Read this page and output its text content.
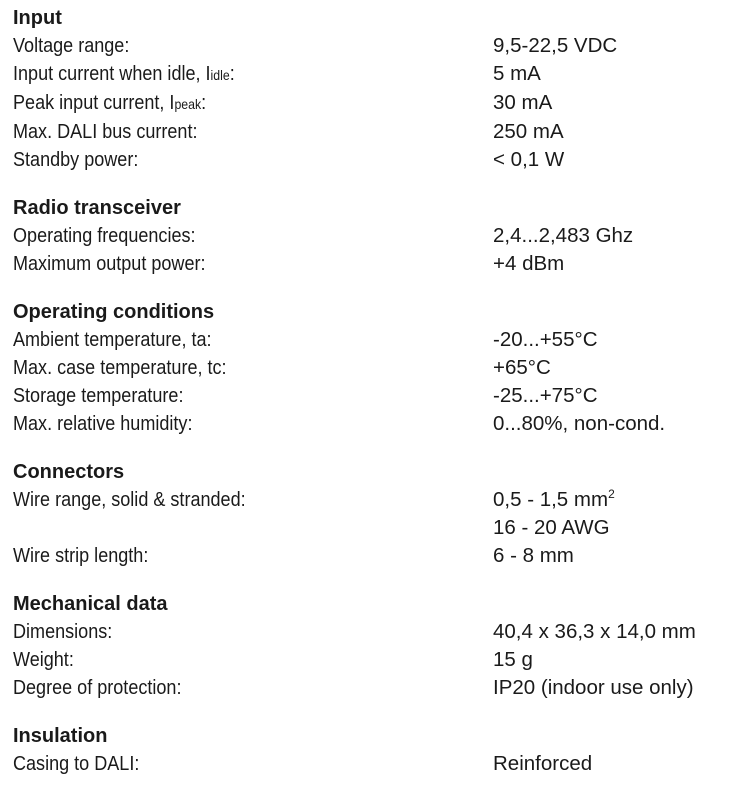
Input
Voltage range:	9,5-22,5 VDC
Input current when idle, Iidle:	5 mA
Peak input current, Ipeak:	30 mA
Max. DALI bus current:	250 mA
Standby power:	< 0,1 W
Radio transceiver
Operating frequencies:	2,4...2,483 Ghz
Maximum output power:	+4 dBm
Operating conditions
Ambient temperature, ta:	-20...+55°C
Max. case temperature, tc:	+65°C
Storage temperature:	-25...+75°C
Max. relative humidity:	0...80%, non-cond.
Connectors
Wire range, solid & stranded:	0,5 - 1,5 $mm^2$
16 - 20 AWG
Wire strip length:	6 - 8 mm
Mechanical data
Dimensions:	40,4 x 36,3 x 14,0 mm
Weight:	15 g
Degree of protection:	IP20 (indoor use only)
Insulation
Casing to DALI:	Reinforced
